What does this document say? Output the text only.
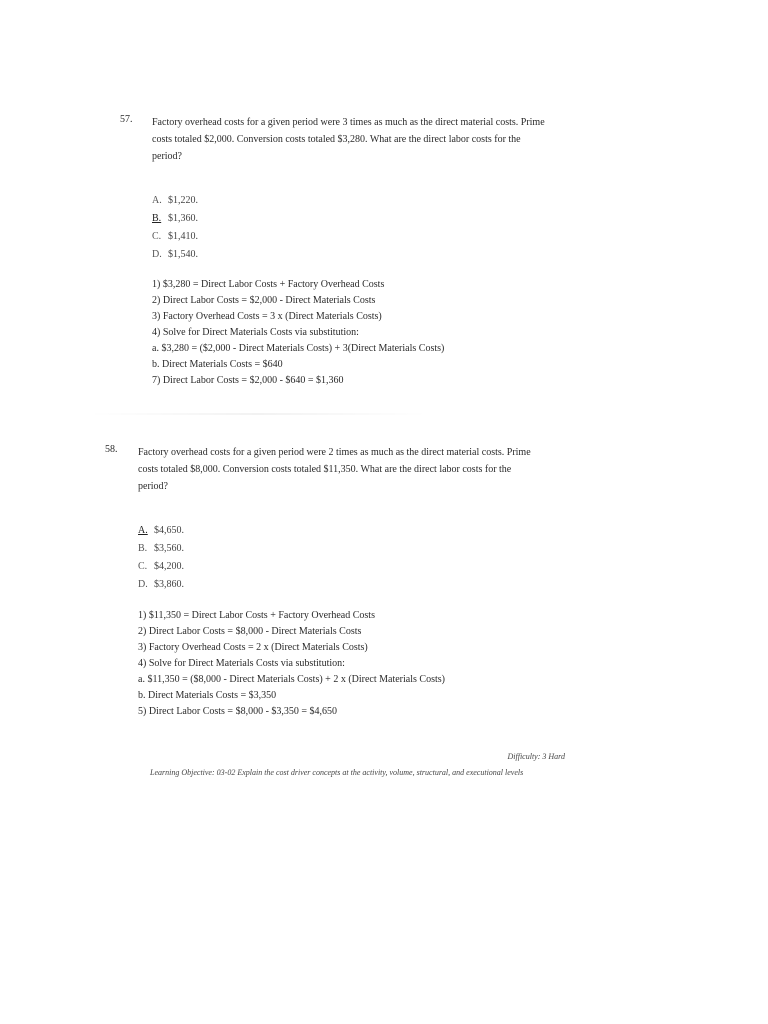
57. Factory overhead costs for a given period were 3 times as much as the direct material costs. Prime costs totaled $2,000. Conversion costs totaled $3,280. What are the direct labor costs for the period?
A. $1,220.
B. $1,360.
C. $1,410.
D. $1,540.
1) $3,280 = Direct Labor Costs + Factory Overhead Costs
2) Direct Labor Costs = $2,000 - Direct Materials Costs
3) Factory Overhead Costs = 3 x (Direct Materials Costs)
4) Solve for Direct Materials Costs via substitution:
a. $3,280 = ($2,000 - Direct Materials Costs) + 3(Direct Materials Costs)
b. Direct Materials Costs = $640
7) Direct Labor Costs = $2,000 - $640 = $1,360
58. Factory overhead costs for a given period were 2 times as much as the direct material costs. Prime costs totaled $8,000. Conversion costs totaled $11,350. What are the direct labor costs for the period?
A. $4,650.
B. $3,560.
C. $4,200.
D. $3,860.
1) $11,350 = Direct Labor Costs + Factory Overhead Costs
2) Direct Labor Costs = $8,000 - Direct Materials Costs
3) Factory Overhead Costs = 2 x (Direct Materials Costs)
4) Solve for Direct Materials Costs via substitution:
a. $11,350 = ($8,000 - Direct Materials Costs) + 2 x (Direct Materials Costs)
b. Direct Materials Costs = $3,350
5) Direct Labor Costs = $8,000 - $3,350 = $4,650
Difficulty: 3 Hard
Learning Objective: 03-02 Explain the cost driver concepts at the activity, volume, structural, and executional levels
